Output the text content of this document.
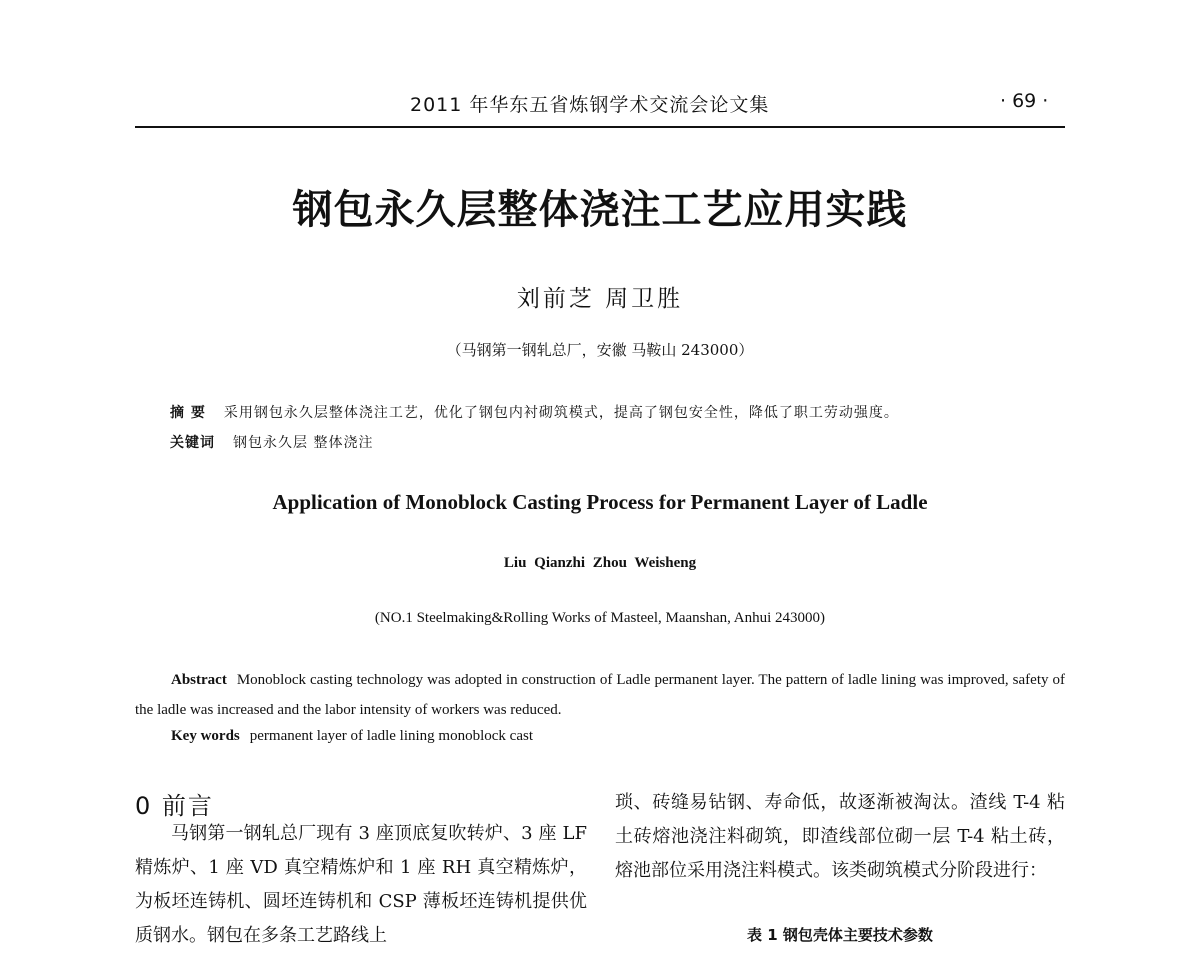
2011 年华东五省炼钢学术交流会论文集	· 69 ·
钢包永久层整体浇注工艺应用实践
刘前芝 周卫胜
（马钢第一钢轧总厂，安徽 马鞍山 243000）
摘 要 采用钢包永久层整体浇注工艺，优化了钢包内衬砌筑模式，提高了钢包安全性，降低了职工劳动强度。
关键词 钢包永久层 整体浇注
Application of Monoblock Casting Process for Permanent Layer of Ladle
Liu Qianzhi Zhou Weisheng
(NO.1 Steelmaking&Rolling Works of Masteel, Maanshan, Anhui 243000)
Abstract Monoblock casting technology was adopted in construction of Ladle permanent layer. The pattern of ladle lining was improved, safety of the ladle was increased and the labor intensity of workers was reduced.
Key words permanent layer of ladle lining monoblock cast
0 前言
马钢第一钢轧总厂现有 3 座顶底复吹转炉、3 座 LF 精炼炉、1 座 VD 真空精炼炉和 1 座 RH 真空精炼炉，为板坯连铸机、圆坯连铸机和 CSP 薄板坯连铸机提供优质钢水。钢包在多条工艺路线上
琐、砖缝易钻钢、寿命低，故逐渐被淘汰。渣线 T-4 粘土砖熔池浇注料砌筑，即渣线部位砌一层 T-4 粘土砖，熔池部位采用浇注料模式。该类砌筑模式分阶段进行：
表 1 钢包壳体主要技术参数
